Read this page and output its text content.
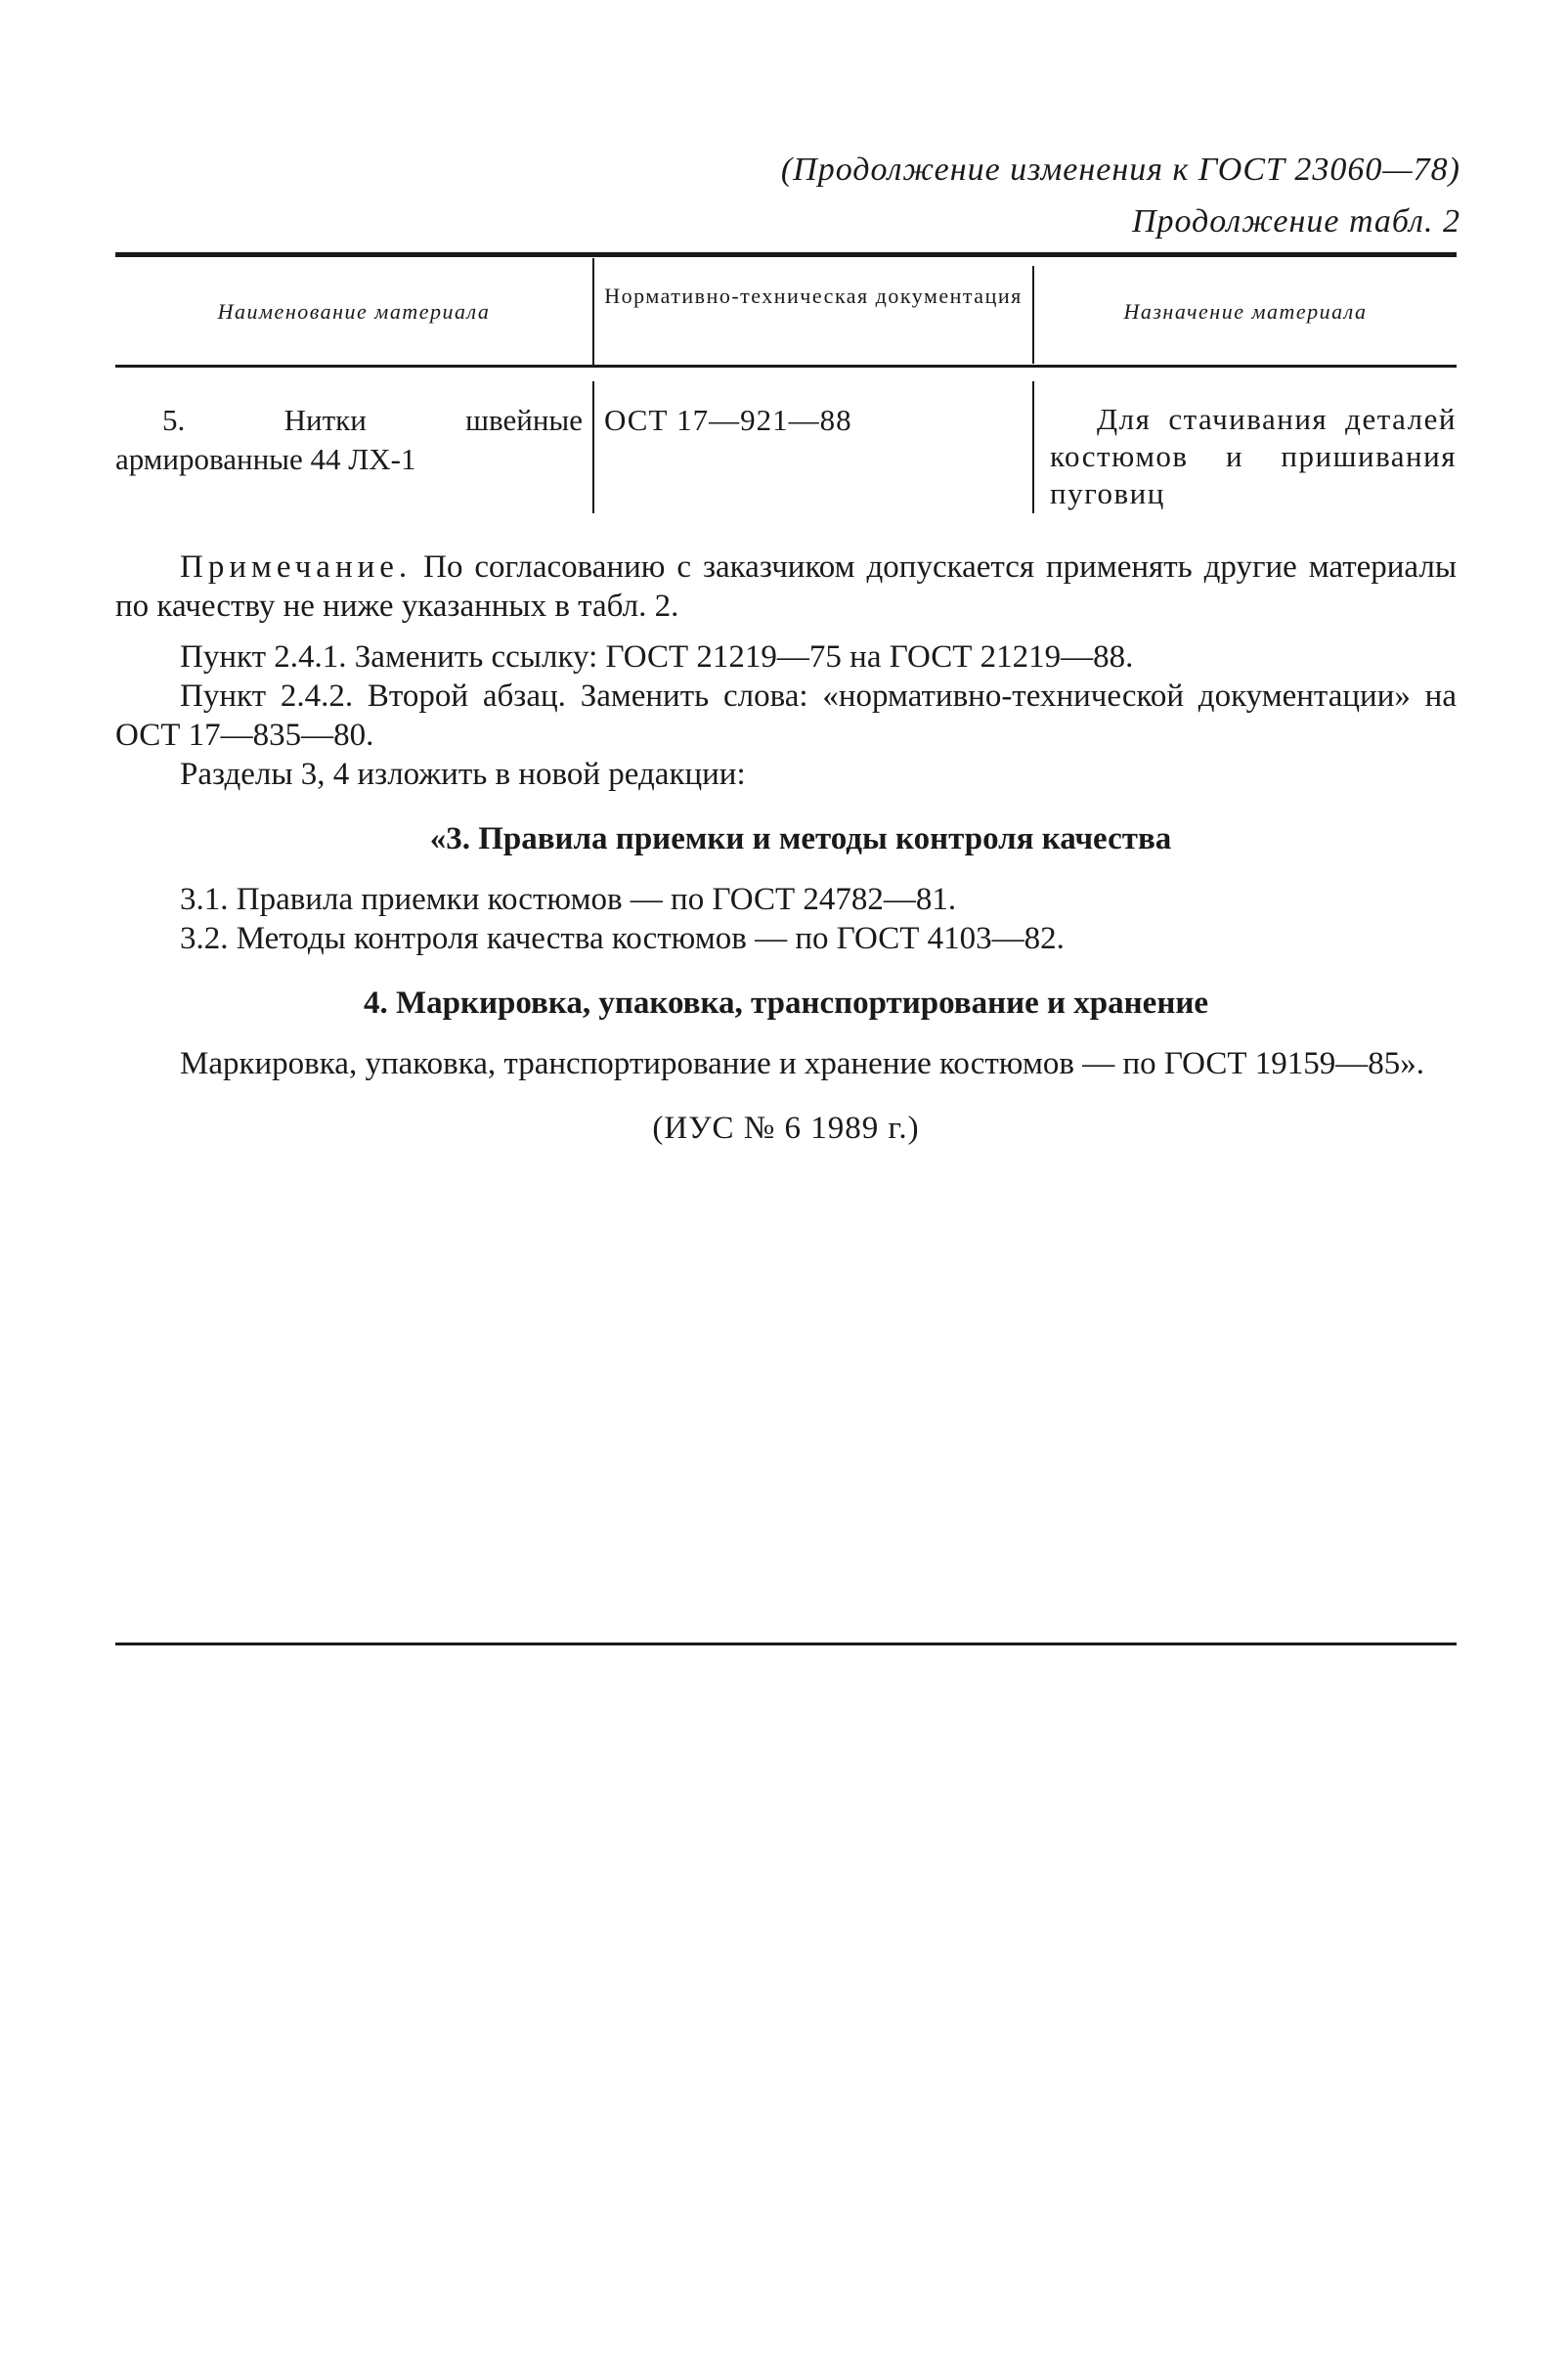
(Продолжение изменения к ГОСТ 23060—78)
Продолжение табл. 2
Наименование материала
Нормативно-техническая документация
Назначение материала
5. Нитки швейные армированные 44 ЛХ-1
ОСТ 17—921—88	Для стачивания деталей костюмов и пришивания пуговиц

Примечание. По согласованию с заказчиком допускается применять другие материалы по качеству не ниже указанных в табл. 2.

Пункт 2.4.1. Заменить ссылку: ГОСТ 21219—75 на ГОСТ 21219—88.

Пункт 2.4.2. Второй абзац. Заменить слова: «нормативно-технической документации» на ОСТ 17—835—80.

Разделы 3, 4 изложить в новой редакции:

«3. Правила приемки и методы контроля качества

3.1. Правила приемки костюмов — по ГОСТ 24782—81.

3.2. Методы контроля качества костюмов — по ГОСТ 4103—82.

4. Маркировка, упаковка, транспортирование и хранение

Маркировка, упаковка, транспортирование и хранение костюмов — по ГОСТ 19159—85».

(ИУС № 6 1989 г.)
